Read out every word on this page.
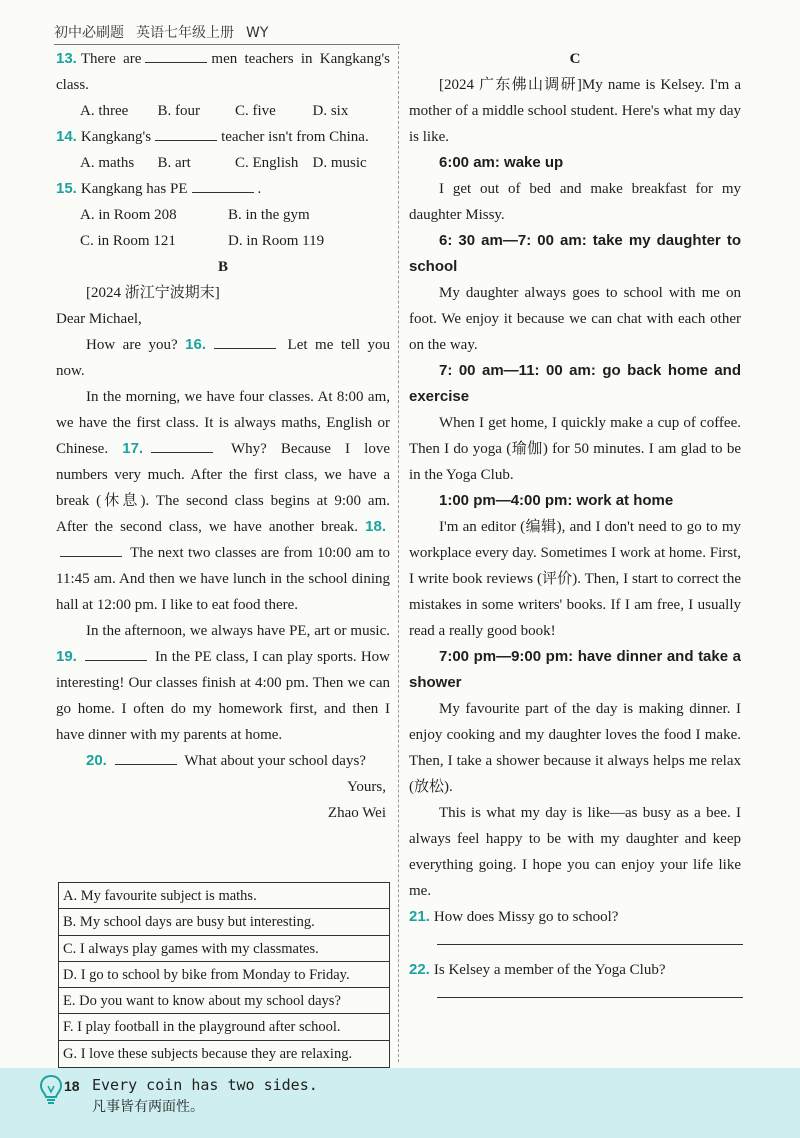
初中必刷题 英语七年级上册 WY

13. There are	men teachers in Kangkang's class.

A. three	B. four	C. five	D. six

14. Kangkang's	teacher isn't from China.

A. maths	B. art	C. English D. music

15. Kangkang has PE	.

A. in Room 208	B. in the gym

C. in Room 121	D. in Room 119

B

[2024 浙江宁波期末]

Dear Michael,

How are you? 16.	Let me tell you now.

In the morning, we have four classes. At 8:00 am, we have the first class. It is always maths, English or Chinese. 17.	Why? Because I love numbers very much. After the first class, we have a break (休息). The second class begins at 9:00 am. After the second class, we have another break. 18. The next two classes are from 10:00 am to 11:45 am. And then we have lunch in the school dining hall at 12:00 pm. I like to eat food there.

In the afternoon, we always have PE, art or music. 19.	In the PE class, I can play sports. How interesting! Our classes finish at 4:00 pm. Then we can go home. I often do my homework first, and then I have dinner with my parents at home.

20.	What about your school days?

Yours,

Zhao Wei

A. My favourite subject is maths.
B. My school days are busy but interesting.
C. I always play games with my classmates.
D. I go to school by bike from Monday to Friday.
E. Do you want to know about my school days?
F. I play football in the playground after school.
G. I love these subjects because they are relaxing.

C

[2024 广东佛山调研]My name is Kelsey. I'm a mother of a middle school student. Here's what my day is like.

6:00 am: wake up

I get out of bed and make breakfast for my daughter Missy.

6: 30 am—7: 00 am: take my daughter to school

My daughter always goes to school with me on foot. We enjoy it because we can chat with each other on the way.

7: 00 am—11: 00 am: go back home and exercise

When I get home, I quickly make a cup of coffee. Then I do yoga (瑜伽) for 50 minutes. I am glad to be in the Yoga Club.

1:00 pm—4:00 pm: work at home

I'm an editor (编辑), and I don't need to go to my workplace every day. Sometimes I work at home. First, I write book reviews (评价). Then, I start to correct the mistakes in some writers' books. If I am free, I usually read a really good book!

7:00 pm—9:00 pm: have dinner and take a shower

My favourite part of the day is making dinner. I enjoy cooking and my daughter loves the food I make. Then, I take a shower because it always helps me relax (放松).

This is what my day is like—as busy as a bee. I always feel happy to be with my daughter and keep everything going. I hope you can enjoy your life like me.

21. How does Missy go to school?

22. Is Kelsey a member of the Yoga Club?

18 Every coin has two sides.
凡事皆有两面性。
